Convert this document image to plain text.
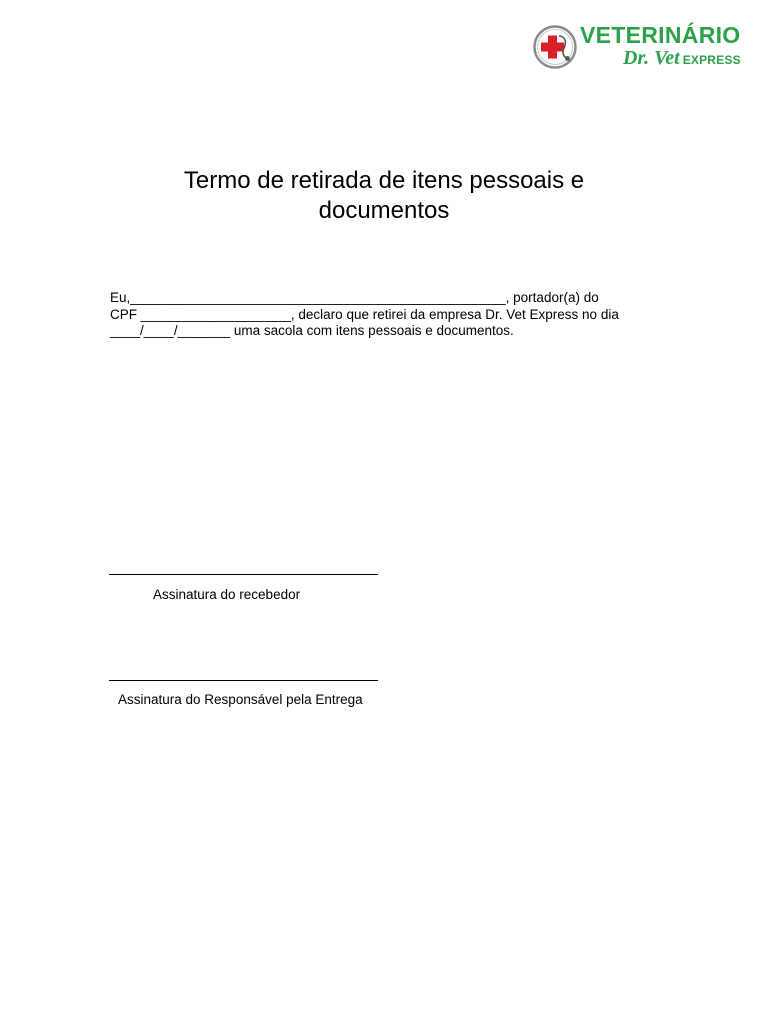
VETERINÁRIO
Dr. Vet EXPRESS
Termo de retirada de itens pessoais e
documentos
Eu,__________________________________________________, portador(a) do
CPF ____________________, declaro que retirei da empresa Dr. Vet Express no dia
____/____/_______ uma sacola com itens pessoais e documentos.
Assinatura do recebedor
Assinatura do Responsável pela Entrega
